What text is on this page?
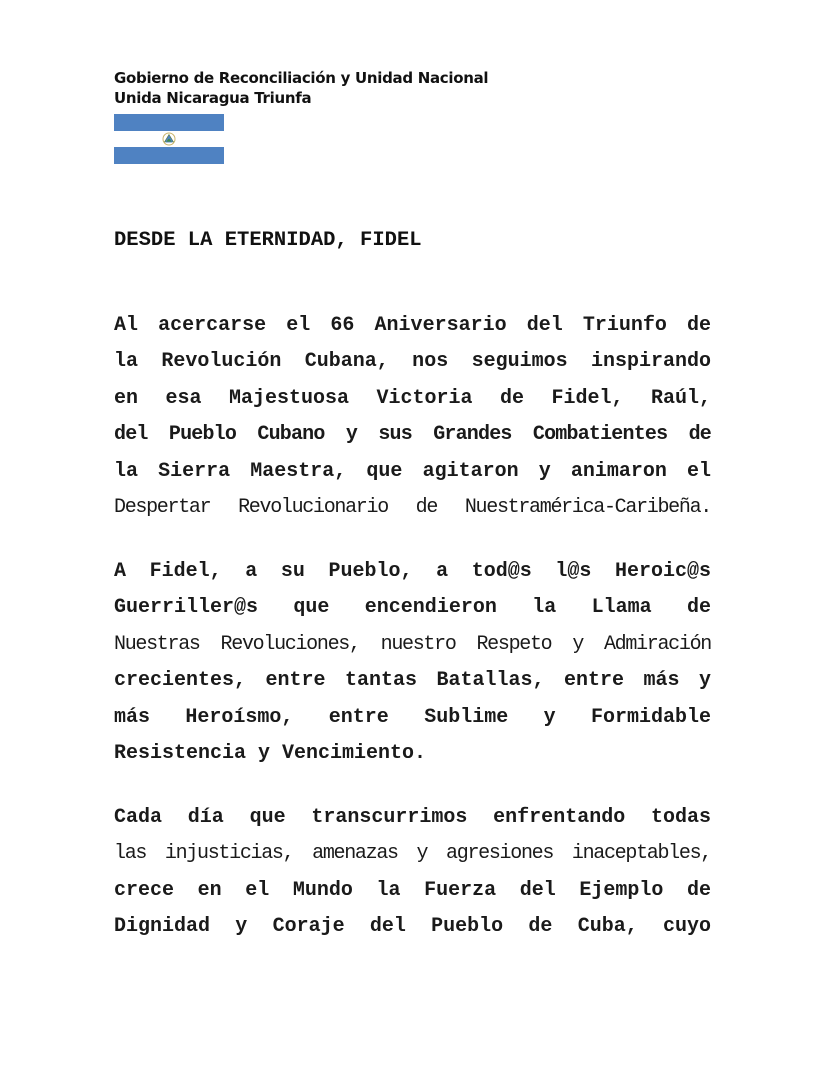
Gobierno de Reconciliación y Unidad Nacional
Unida Nicaragua Triunfa
DESDE LA ETERNIDAD, FIDEL
Al acercarse el 66 Aniversario del Triunfo de
la Revolución Cubana, nos seguimos inspirando
en esa Majestuosa Victoria de Fidel, Raúl,
del Pueblo Cubano y sus Grandes Combatientes de
la Sierra Maestra, que agitaron y animaron el
Despertar Revolucionario de Nuestramérica-Caribeña.
A Fidel, a su Pueblo, a tod@s l@s Heroic@s
Guerriller@s que encendieron la Llama de
Nuestras Revoluciones, nuestro Respeto y Admiración
crecientes, entre tantas Batallas, entre más y
más Heroísmo, entre Sublime y Formidable
Resistencia y Vencimiento.
Cada día que transcurrimos enfrentando todas
las injusticias, amenazas y agresiones inaceptables,
crece en el Mundo la Fuerza del Ejemplo de
Dignidad y Coraje del Pueblo de Cuba, cuyo
